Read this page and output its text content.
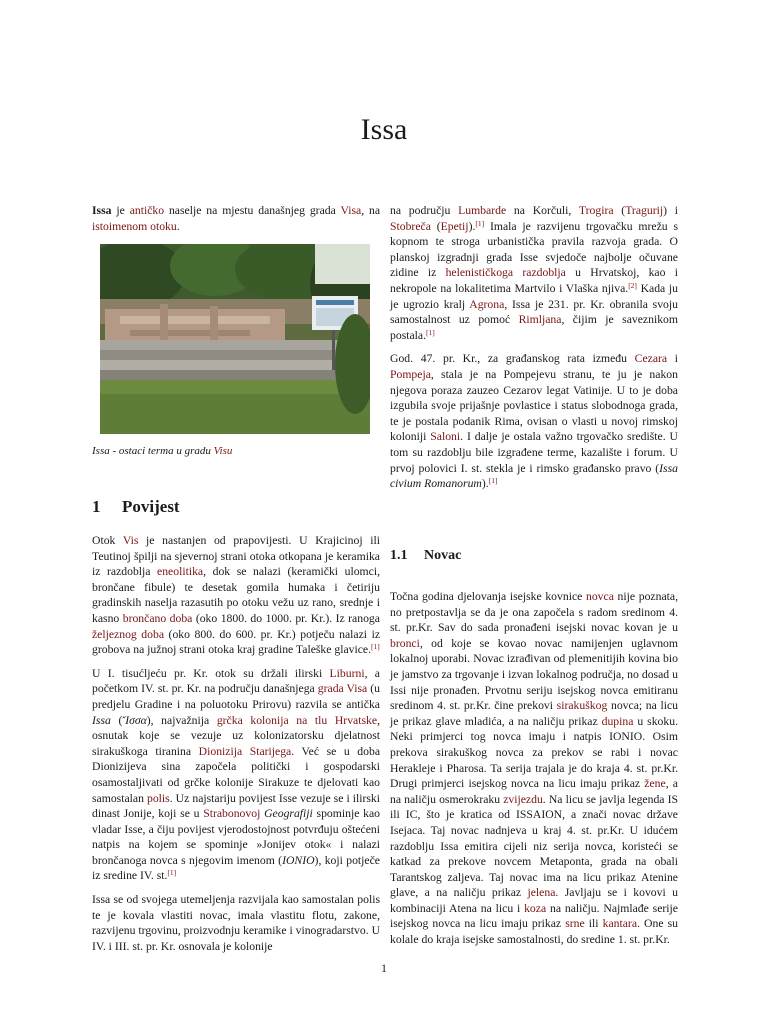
Issa

Issa je antičko naselje na mjestu današnjeg grada Visa, na istoimenom otoku.

Issa - ostaci terma u gradu Visu
1 Povijest

Otok Vis je nastanjen od prapovijesti. U Krajicinoj ili Teutinoj špilji na sjevernoj strani otoka otkopana je keramika iz razdoblja eneolitika, dok se nalazi (keramički ulomci, brončane fibule) te desetak gomila humaka i četiriju gradinskih naselja razasutih po otoku vežu uz rano, srednje i kasno brončano doba (oko 1800. do 1000. pr. Kr.). Iz ranoga željeznog doba (oko 800. do 600. pr. Kr.) potječu nalazi iz grobova na južnoj strani otoka kraj gradine Taleške glavice.[1]

U I. tisućljeću pr. Kr. otok su držali ilirski Liburni, a početkom IV. st. pr. Kr. na području današnjega grada Visa (u predjelu Gradine i na poluotoku Prirovu) razvila se antička Issa (Ἴσσα), najvažnija grčka kolonija na tlu Hrvatske, osnutak koje se vezuje uz kolonizatorsku djelatnost sirakuškoga tiranina Dionizija Starijega. Već se u doba Dionizijeva sina započela politički i gospodarski osamostaljivati od grčke kolonije Sirakuze te djelovati kao samostalan polis. Uz najstariju povijest Isse vezuje se i ilirski dinast Jonije, koji se u Strabonovoj Geografiji spominje kao vladar Isse, a čiju povijest vjerodostojnost potvrđuju oštećeni natpis na kojem se spominje »Jonijev otok« i nalazi brončanoga novca s njegovim imenom (IONIO), koji potječe iz sredine IV. st.[1]

Issa se od svojega utemeljenja razvijala kao samostalan polis te je kovala vlastiti novac, imala vlastitu flotu, zakone, razvijenu trgovinu, proizvodnju keramike i vinogradarstvo. U IV. i III. st. pr. Kr. osnovala je kolonije

na području Lumbarde na Korčuli, Trogira (Tragurij) i Stobreča (Epetij).[1] Imala je razvijenu trgovačku mrežu s kopnom te stroga urbanistička pravila razvoja grada. O planskoj izgradnji grada Isse svjedoče najbolje očuvane zidine iz helenističkoga razdoblja u Hrvatskoj, kao i nekropole na lokalitetima Martvilo i Vlaška njiva.[2] Kada ju je ugrozio kralj Agrona, Issa je 231. pr. Kr. obranila svoju samostalnost uz pomoć Rimljana, čijim je saveznikom postala.[1]

God. 47. pr. Kr., za građanskog rata između Cezara i Pompeja, stala je na Pompejevu stranu, te ju je nakon njegova poraza zauzeo Cezarov legat Vatinije. U to je doba izgubila svoje prijašnje povlastice i status slobodnoga grada, te je postala podanik Rima, ovisan o vlasti u novoj rimskoj koloniji Saloni. I dalje je ostala važno trgovačko središte. U tom su razdoblju bile izgrađene terme, kazalište i forum. U prvoj polovici I. st. stekla je i rimsko građansko pravo (Issa civium Romanorum).[1]

1.1 Novac

Točna godina djelovanja isejske kovnice novca nije poznata, no pretpostavlja se da je ona započela s radom sredinom 4. st. pr.Kr. Sav do sada pronađeni isejski novac kovan je u bronci, od koje se kovao novac namijenjen uglavnom lokalnoj uporabi. Novac izrađivan od plemenitijih kovina bio je jamstvo za trgovanje i izvan lokalnog područja, no dosad u Issi nije pronađen. Prvotnu seriju isejskog novca emitiranu sredinom 4. st. pr.Kr. čine prekovi sirakuškog novca; na licu je prikaz glave mladića, a na naličju prikaz dupina u skoku. Neki primjerci tog novca imaju i natpis IONIO. Osim prekova sirakuškog novca za prekov se rabi i novac Herakleje i Pharosa. Ta serija trajala je do kraja 4. st. pr.Kr. Drugi primjerci isejskog novca na licu imaju prikaz žene, a na naličju osmerokraku zvijezdu. Na licu se javlja legenda IS ili IC, što je kratica od ISSAION, a znači novac države Isejaca. Taj novac nadnjeva u kraj 4. st. pr.Kr. U idućem razdoblju Issa emitira cijeli niz serija novca, koristeći se katkad za prekove novcem Metaponta, grada na obali Tarantskog zaljeva. Taj novac ima na licu prikaz Atenine glave, a na naličju prikaz jelena. Javljaju se i kovovi u kombinaciji Atena na licu i koza na naličju. Najmlađe serije isejskog novca na licu imaju prikaz srne ili kantara. One su kolale do kraja isejske samostalnosti, do sredine 1. st. pr.Kr.

1
